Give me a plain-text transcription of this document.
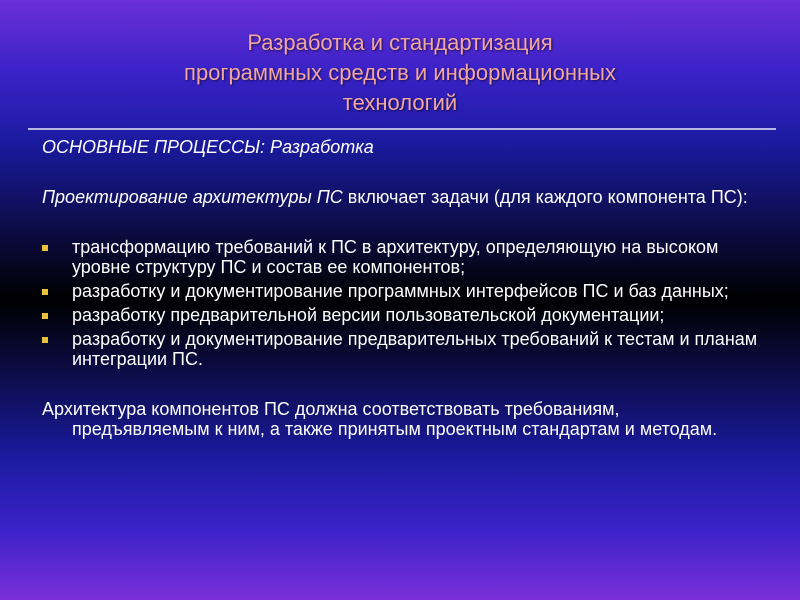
Разработка и стандартизация
программных средств и информационных
технологий

ОСНОВНЫЕ ПРОЦЕССЫ: Разработка

Проектирование архитектуры ПС включает задачи (для каждого компонента ПС):

трансформацию требований к ПС в архитектуру, определяющую на высоком уровне структуру ПС и состав ее компонентов;
разработку и документирование программных интерфейсов ПС и баз данных;
разработку предварительной версии пользовательской документации;
разработку и документирование предварительных требований к тестам и планам интеграции ПС.

Архитектура компонентов ПС должна соответствовать требованиям, предъявляемым к ним, а также принятым проектным стандартам и методам.
